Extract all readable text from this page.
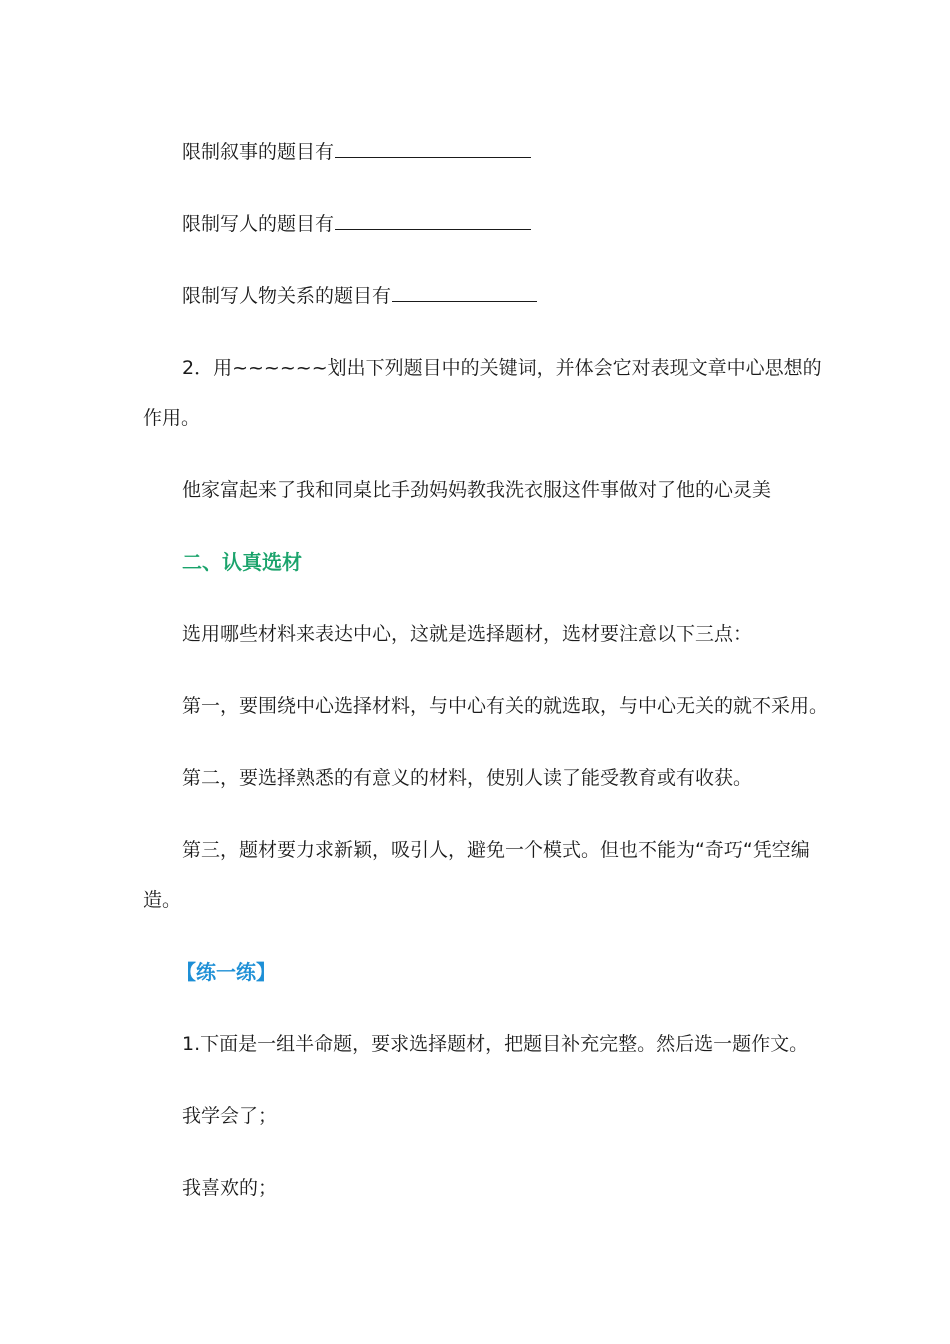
限制叙事的题目有
限制写人的题目有
限制写人物关系的题目有
2．用~~~~~~划出下列题目中的关键词，并体会它对表现文章中心思想的
作用。
他家富起来了我和同桌比手劲妈妈教我洗衣服这件事做对了他的心灵美
二、认真选材
选用哪些材料来表达中心，这就是选择题材，选材要注意以下三点：
第一，要围绕中心选择材料，与中心有关的就选取，与中心无关的就不采用。
第二，要选择熟悉的有意义的材料，使别人读了能受教育或有收获。
第三，题材要力求新颖，吸引人，避免一个模式。但也不能为“奇巧“凭空编
造。
【练一练】
1.下面是一组半命题，要求选择题材，把题目补充完整。然后选一题作文。
我学会了；
我喜欢的；
